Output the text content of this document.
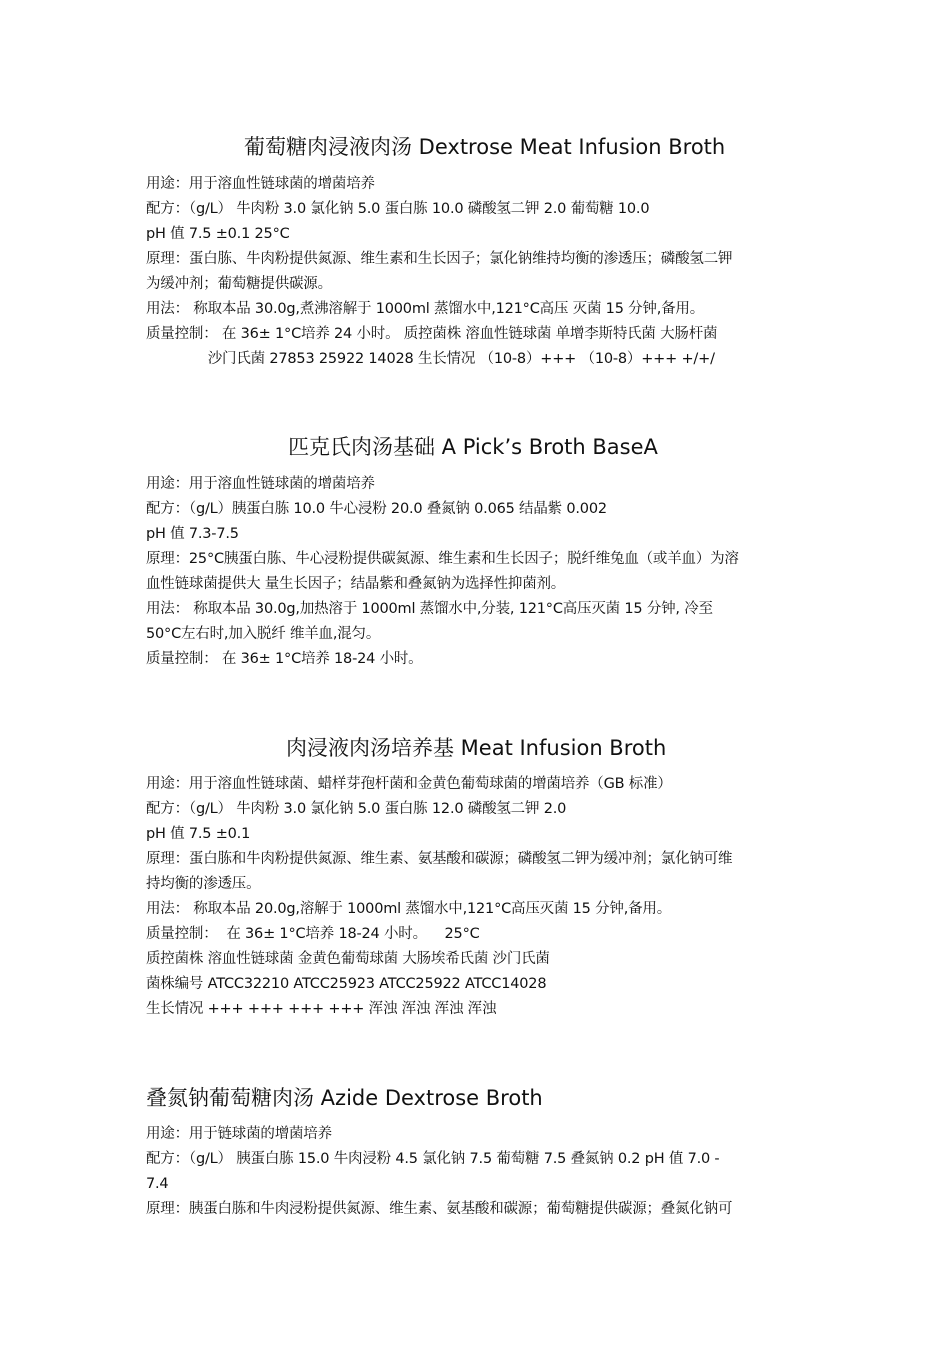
葡萄糖肉浸液肉汤 Dextrose Meat Infusion Broth
用途：用于溶血性链球菌的增菌培养
配方：（g/L） 牛肉粉 3.0 氯化钠 5.0 蛋白胨 10.0 磷酸氢二钾 2.0 葡萄糖 10.0
pH 值 7.5 ±0.1 25°C
原理：蛋白胨、牛肉粉提供氮源、维生素和生长因子；氯化钠维持均衡的渗透压；磷酸氢二钾
为缓冲剂；葡萄糖提供碳源。
用法： 称取本品 30.0g,煮沸溶解于 1000ml 蒸馏水中,121°C高压 灭菌 15 分钟,备用。
质量控制： 在 36± 1°C培养 24 小时。 质控菌株 溶血性链球菌 单增李斯特氏菌 大肠杆菌
沙门氏菌 27853 25922 14028 生长情况 （10-8）+++ （10-8）+++ +/+/
匹克氏肉汤基础 A Pick’s Broth BaseA
用途：用于溶血性链球菌的增菌培养
配方：（g/L）胰蛋白胨 10.0 牛心浸粉 20.0 叠氮钠 0.065 结晶紫 0.002
pH 值 7.3-7.5
原理：25°C胰蛋白胨、牛心浸粉提供碳氮源、维生素和生长因子；脱纤维兔血（或羊血）为溶
血性链球菌提供大 量生长因子；结晶紫和叠氮钠为选择性抑菌剂。
用法： 称取本品 30.0g,加热溶于 1000ml 蒸馏水中,分装, 121°C高压灭菌 15 分钟, 冷至
50°C左右时,加入脱纤 维羊血,混匀。
质量控制： 在 36± 1°C培养 18-24 小时。
肉浸液肉汤培养基 Meat Infusion Broth
用途：用于溶血性链球菌、蜡样芽孢杆菌和金黄色葡萄球菌的增菌培养（GB 标准）
配方：（g/L） 牛肉粉 3.0 氯化钠 5.0 蛋白胨 12.0 磷酸氢二钾 2.0
pH 值 7.5 ±0.1
原理：蛋白胨和牛肉粉提供氮源、维生素、氨基酸和碳源；磷酸氢二钾为缓冲剂；氯化钠可维
持均衡的渗透压。
用法： 称取本品 20.0g,溶解于 1000ml 蒸馏水中,121°C高压灭菌 15 分钟,备用。
质量控制：  在 36± 1°C培养 18-24 小时。    25°C
质控菌株 溶血性链球菌 金黄色葡萄球菌 大肠埃希氏菌 沙门氏菌
菌株编号 ATCC32210 ATCC25923 ATCC25922 ATCC14028
生长情况 +++ +++ +++ +++ 浑浊 浑浊 浑浊 浑浊
叠氮钠葡萄糖肉汤 Azide Dextrose Broth
用途：用于链球菌的增菌培养
配方：（g/L） 胰蛋白胨 15.0 牛肉浸粉 4.5 氯化钠 7.5 葡萄糖 7.5 叠氮钠 0.2 pH 值 7.0 -
7.4
原理：胰蛋白胨和牛肉浸粉提供氮源、维生素、氨基酸和碳源；葡萄糖提供碳源；叠氮化钠可
